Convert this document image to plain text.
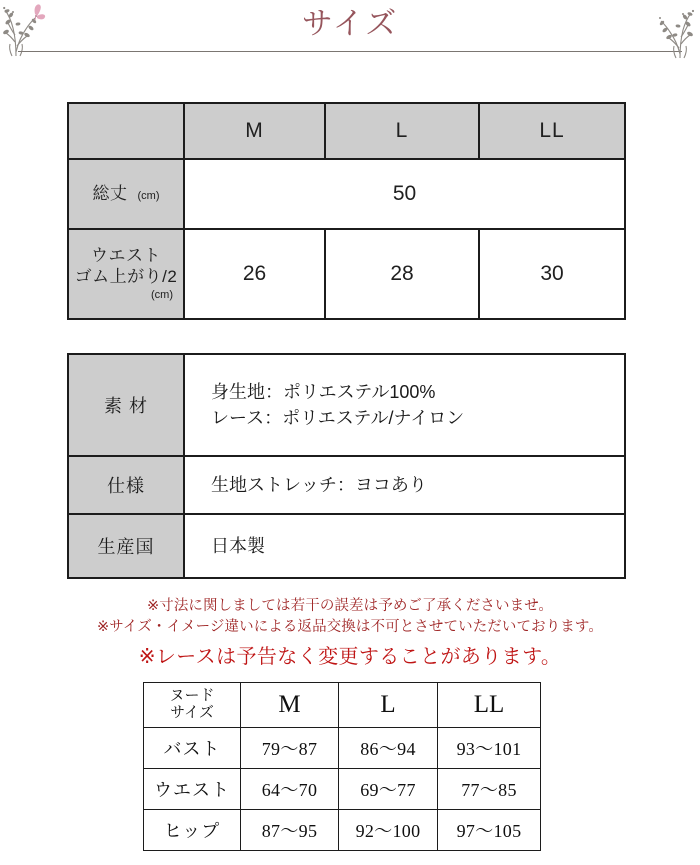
サイズ
	M	L	LL

総丈 (cm)	50		

ウエスト
ゴム上がり/2
(cm)	26	28	30
素 材	身生地：ポリエステル100%
レース：ポリエステル/ナイロン

仕様	生地ストレッチ：ヨコあり

生産国	日本製
※寸法に関しましては若干の誤差は予めご了承くださいませ。
※サイズ・イメージ違いによる返品交換は不可とさせていただいております。
※レースは予告なく変更することがあります。
ヌード
サイズ	M	L	LL
バスト	79〜87	86〜94	93〜101
ウエスト	64〜70	69〜77	77〜85
ヒップ	87〜95	92〜100	97〜105
